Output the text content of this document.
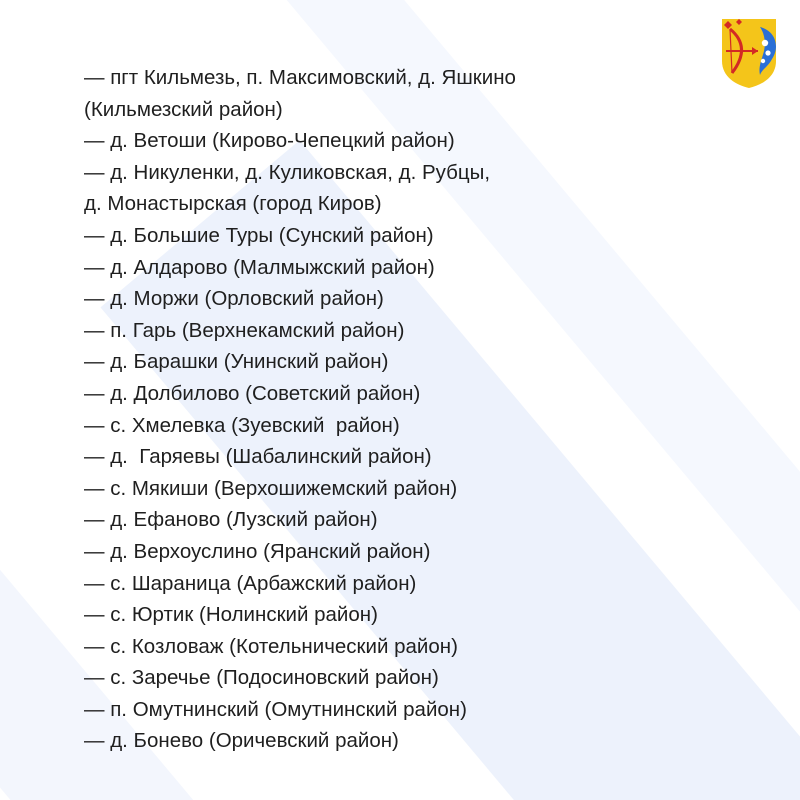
— пгт Кильмезь, п. Максимовский, д. Яшкино
(Кильмезский район)
— д. Ветоши (Кирово-Чепецкий район)
— д. Никуленки, д. Куликовская, д. Рубцы,
д. Монастырская (город Киров)
— д. Большие Туры (Сунский район)
— д. Алдарово (Малмыжский район)
— д. Моржи (Орловский район)
— п. Гарь (Верхнекамский район)
— д. Барашки (Унинский район)
— д. Долбилово (Советский район)
— с. Хмелевка (Зуевский  район)
— д.  Гаряевы (Шабалинский район)
— с. Мякиши (Верхошижемский район)
— д. Ефаново (Лузский район)
— д. Верхоуслино (Яранский район)
— с. Шараница (Арбажский район)
— с. Юртик (Нолинский район)
— с. Козловаж (Котельнический район)
— с. Заречье (Подосиновский район)
— п. Омутнинский (Омутнинский район)
— д. Бонево (Оричевский район)
